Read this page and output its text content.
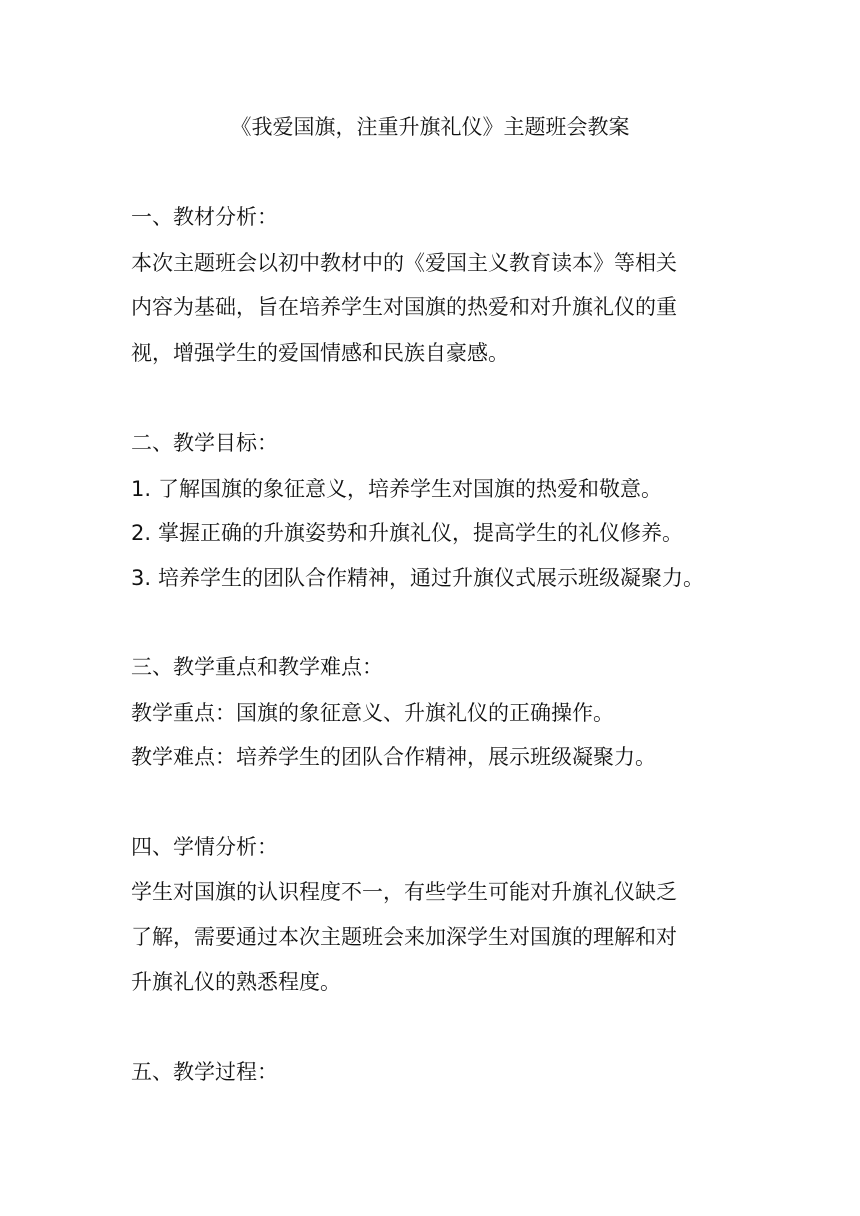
《我爱国旗，注重升旗礼仪》主题班会教案
一、教材分析：
本次主题班会以初中教材中的《爱国主义教育读本》等相关
内容为基础，旨在培养学生对国旗的热爱和对升旗礼仪的重
视，增强学生的爱国情感和民族自豪感。
二、教学目标：
1. 了解国旗的象征意义，培养学生对国旗的热爱和敬意。
2. 掌握正确的升旗姿势和升旗礼仪，提高学生的礼仪修养。
3. 培养学生的团队合作精神，通过升旗仪式展示班级凝聚力。
三、教学重点和教学难点：
教学重点：国旗的象征意义、升旗礼仪的正确操作。
教学难点：培养学生的团队合作精神，展示班级凝聚力。
四、学情分析：
学生对国旗的认识程度不一，有些学生可能对升旗礼仪缺乏
了解，需要通过本次主题班会来加深学生对国旗的理解和对
升旗礼仪的熟悉程度。
五、教学过程：
